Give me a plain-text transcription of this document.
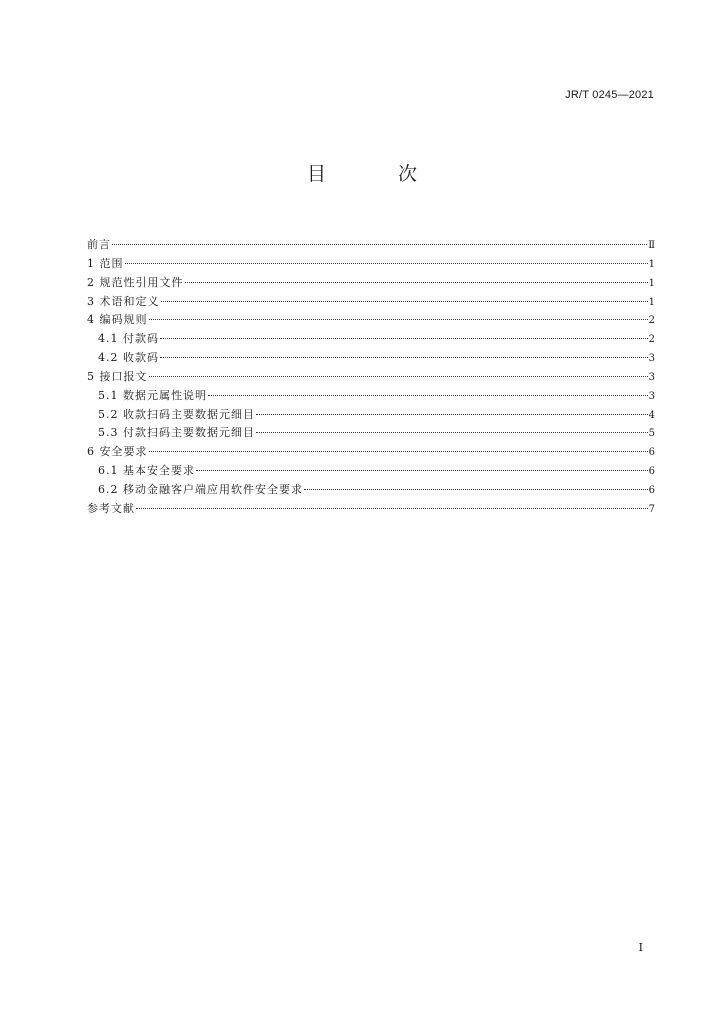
JR/T 0245—2021
目 次
前言	Ⅱ
1 范围	1
2 规范性引用文件	1
3 术语和定义	1
4 编码规则	2
4.1 付款码	2
4.2 收款码	3
5 接口报文	3
5.1 数据元属性说明	3
5.2 收款扫码主要数据元细目	4
5.3 付款扫码主要数据元细目	5
6 安全要求	6
6.1 基本安全要求	6
6.2 移动金融客户端应用软件安全要求	6
参考文献	7
I
